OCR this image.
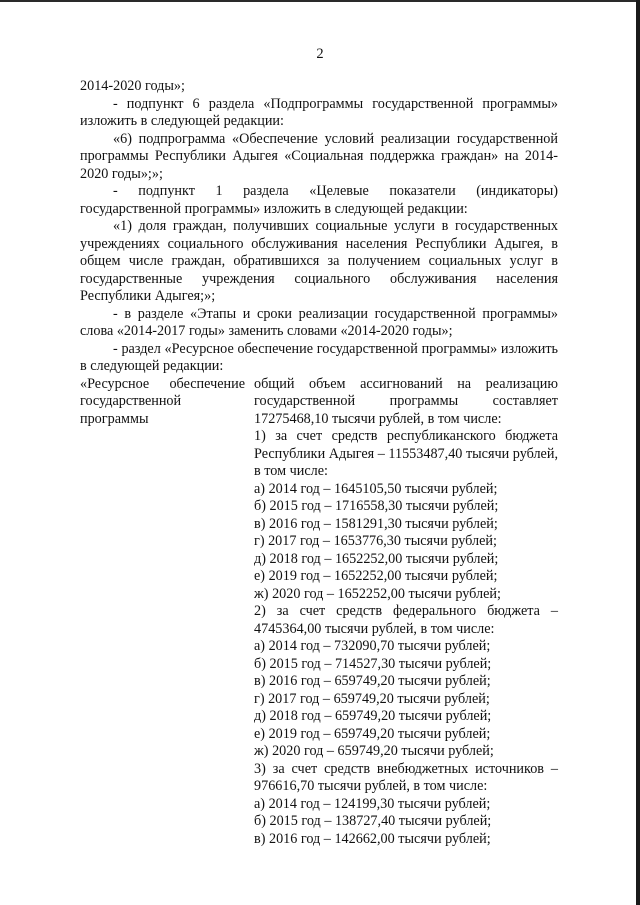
2

2014-2020 годы»;

- подпункт 6 раздела «Подпрограммы государственной программы» изложить в следующей редакции:

«6) подпрограмма «Обеспечение условий реализации государственной программы Республики Адыгея «Социальная поддержка граждан» на 2014-2020 годы»;»;

- подпункт 1 раздела «Целевые показатели (индикаторы) государственной программы» изложить в следующей редакции:

«1) доля граждан, получивших социальные услуги в государственных учреждениях социального обслуживания населения Республики Адыгея, в общем числе граждан, обратившихся за получением социальных услуг в государственные учреждения социального обслуживания населения Республики Адыгея;»;

- в разделе «Этапы и сроки реализации государственной программы» слова «2014-2017 годы» заменить словами «2014-2020 годы»;

- раздел «Ресурсное обеспечение государственной программы» изложить в следующей редакции:

«Ресурсное обеспечение государственной программы

общий объем ассигнований на реализацию государственной программы составляет 17275468,10 тысячи рублей, в том числе:

1) за счет средств республиканского бюджета Республики Адыгея – 11553487,40 тысячи рублей, в том числе:

а) 2014 год – 1645105,50 тысячи рублей;

б) 2015 год – 1716558,30 тысячи рублей;

в) 2016 год – 1581291,30 тысячи рублей;

г) 2017 год – 1653776,30 тысячи рублей;

д) 2018 год – 1652252,00 тысячи рублей;

е) 2019 год – 1652252,00 тысячи рублей;

ж) 2020 год – 1652252,00 тысячи рублей;

2) за счет средств федерального бюджета – 4745364,00 тысячи рублей, в том числе:

а) 2014 год – 732090,70 тысячи рублей;

б) 2015 год – 714527,30 тысячи рублей;

в) 2016 год – 659749,20 тысячи рублей;

г) 2017 год – 659749,20 тысячи рублей;

д) 2018 год – 659749,20 тысячи рублей;

е) 2019 год – 659749,20 тысячи рублей;

ж) 2020 год – 659749,20 тысячи рублей;

3) за счет средств внебюджетных источников – 976616,70 тысячи рублей, в том числе:

а) 2014 год – 124199,30 тысячи рублей;

б) 2015 год – 138727,40 тысячи рублей;

в) 2016 год – 142662,00 тысячи рублей;
